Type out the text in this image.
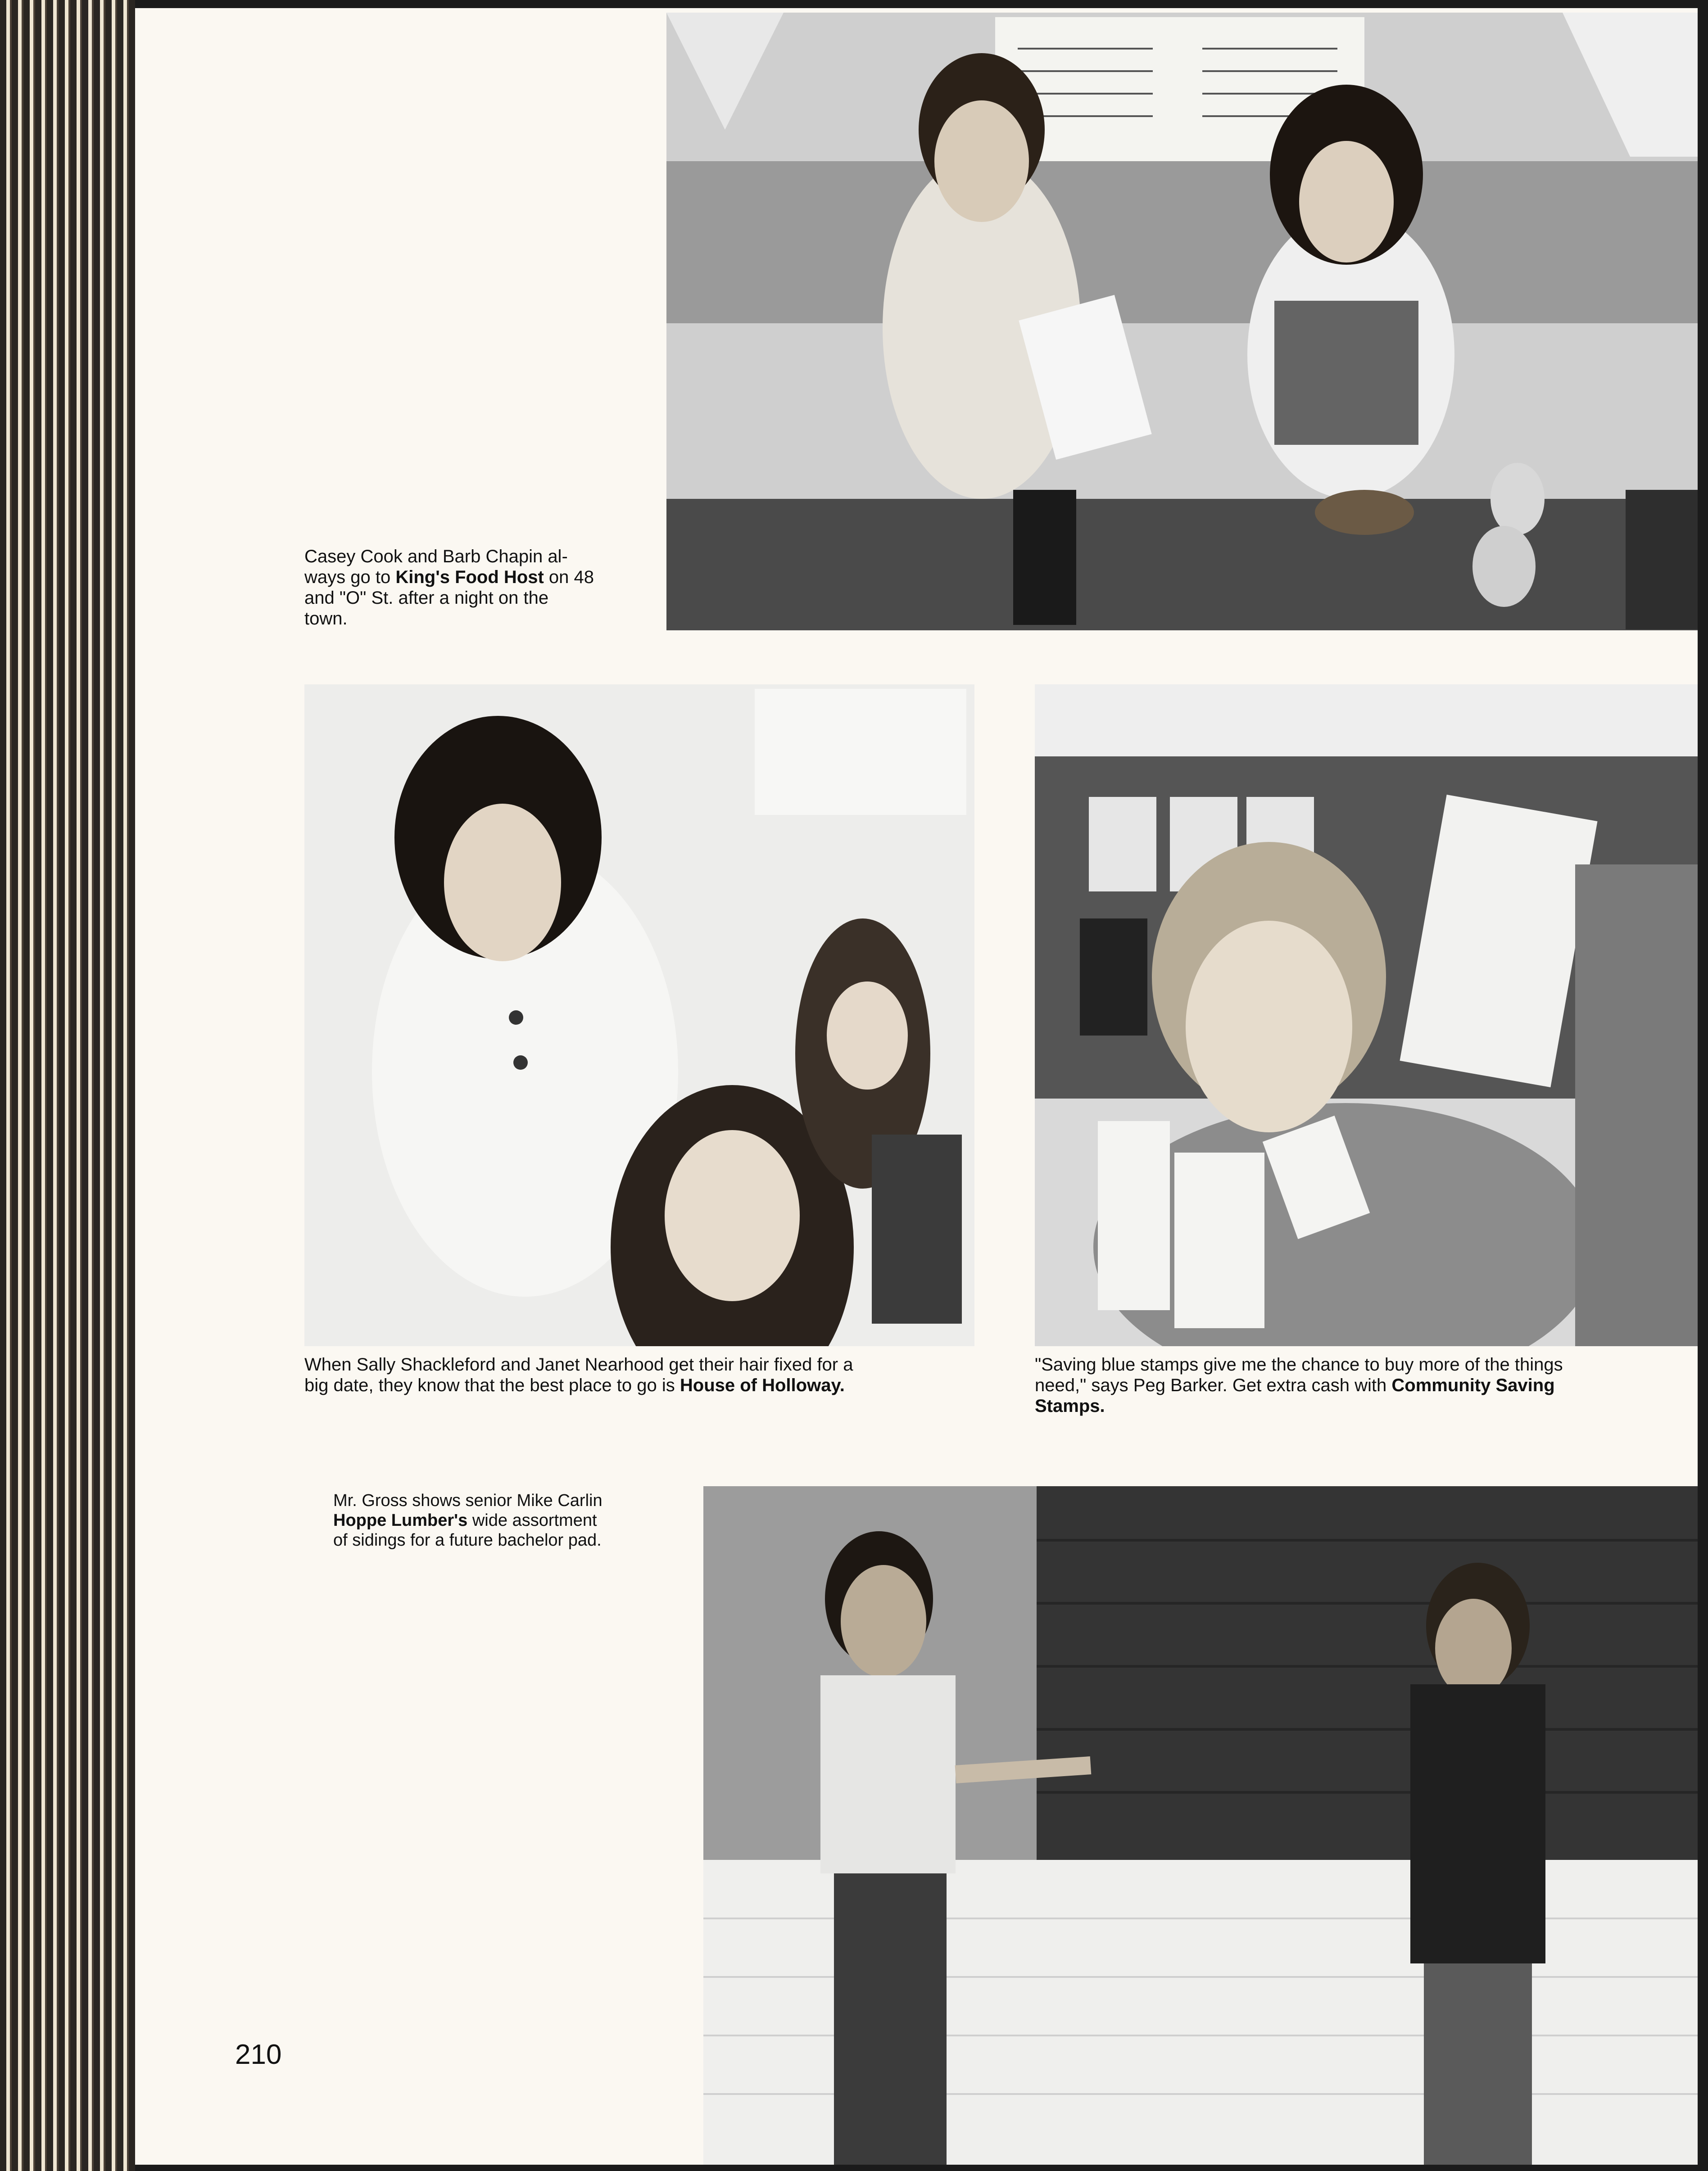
Casey Cook and Barb Chapin al-
ways go to King's Food Host on 48
and "O" St. after a night on the
town.
When Sally Shackleford and Janet Nearhood get their hair fixed for a
big date, they know that the best place to go is House of Holloway.
"Saving blue stamps give me the chance to buy more of the things
need," says Peg Barker. Get extra cash with Community Saving
Stamps.
Mr. Gross shows senior Mike Carlin
Hoppe Lumber's wide assortment
of sidings for a future bachelor pad.
210
